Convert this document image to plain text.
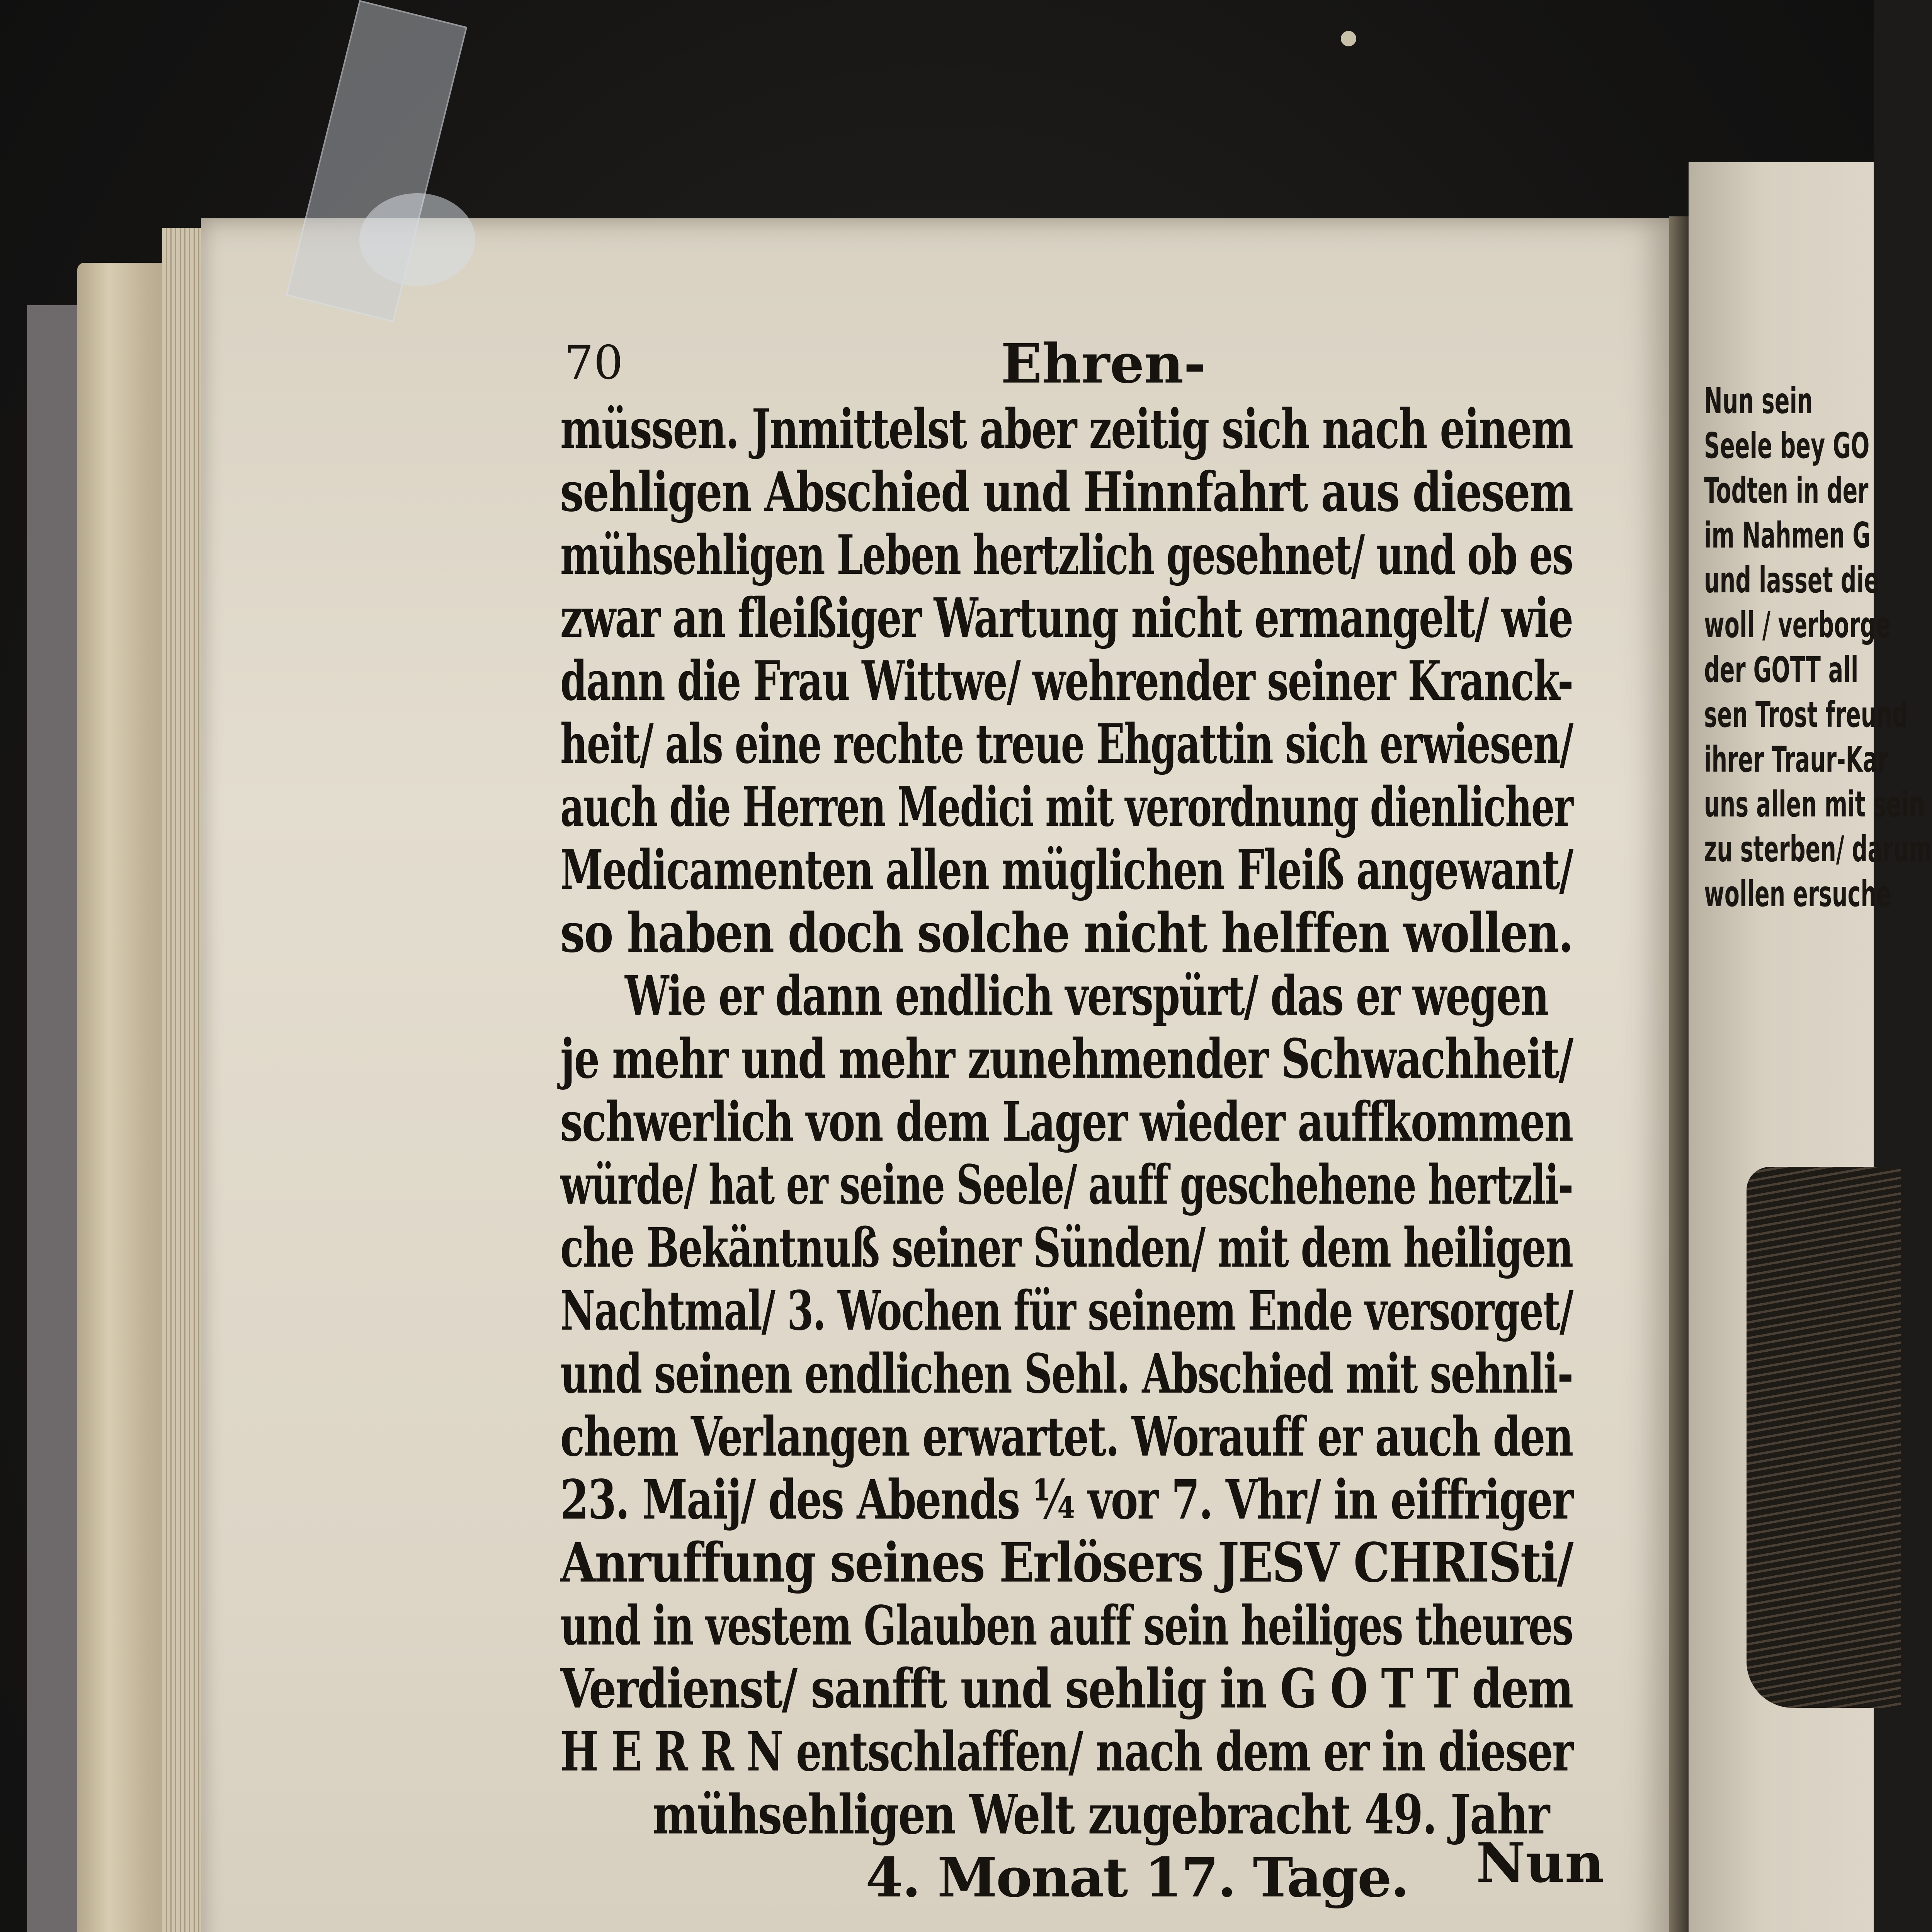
Nun sein
Seele bey GO
Todten in der
im Nahmen G
und lasset die
woll / verborge
der GOTT all
sen Trost freund
ihrer Traur-Kar
uns allen mit sein
zu sterben/ darum
wollen ersuche
70	Ehren-
müssen. Jnmittelst aber zeitig sich nach einem
sehligen Abschied und Hinnfahrt aus diesem
mühsehligen Leben hertzlich gesehnet/ und ob es
zwar an fleißiger Wartung nicht ermangelt/ wie
dann die Frau Wittwe/ wehrender seiner Kranck-
heit/ als eine rechte treue Ehgattin sich erwiesen/
auch die Herren Medici mit verordnung dienlicher
Medicamenten allen müglichen Fleiß angewant/
so haben doch solche nicht helffen wollen.
Wie er dann endlich verspürt/ das er wegen
je mehr und mehr zunehmender Schwachheit/
schwerlich von dem Lager wieder auffkommen
würde/ hat er seine Seele/ auff geschehene hertzli-
che Bekäntnuß seiner Sünden/ mit dem heiligen
Nachtmal/ 3. Wochen für seinem Ende versorget/
und seinen endlichen Sehl. Abschied mit sehnli-
chem Verlangen erwartet. Worauff er auch den
23. Maij/ des Abends ¼ vor 7. Vhr/ in eiffriger
Anruffung seines Erlösers JESV CHRISti/
und in vestem Glauben auff sein heiliges theures
Verdienst/ sanfft und sehlig in G O T T dem
H E R R N entschlaffen/ nach dem er in dieser
mühsehligen Welt zugebracht 49. Jahr
4. Monat 17. Tage.	Nun
